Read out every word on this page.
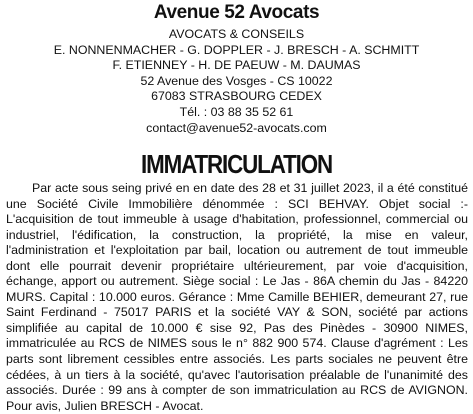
Avenue 52 Avocats
AVOCATS & CONSEILS
E. NONNENMACHER - G. DOPPLER - J. BRESCH - A. SCHMITT
F. ETIENNEY - H. DE PAEUW - M. DAUMAS
52 Avenue des Vosges - CS 10022
67083 STRASBOURG CEDEX
Tél. : 03 88 35 52 61
contact@avenue52-avocats.com
IMMATRICULATION
Par acte sous seing privé en en date des 28 et 31 juillet 2023, il a été constitué une Société Civile Immobilière dénommée : SCI BEHVAY. Objet social :- L'acquisition de tout immeuble à usage d'habitation, professionnel, commercial ou industriel, l'édification, la construction, la propriété, la mise en valeur, l'administration et l'exploitation par bail, location ou autrement de tout immeuble dont elle pourrait devenir propriétaire ultérieurement, par voie d'acquisition, échange, apport ou autrement. Siège social : Le Jas - 86A chemin du Jas - 84220 MURS. Capital : 10.000 euros. Gérance : Mme Camille BEHIER, demeurant 27, rue Saint Ferdinand - 75017 PARIS et la société VAY & SON, société par actions simplifiée au capital de 10.000 € sise 92, Pas des Pinèdes - 30900 NIMES, immatriculée au RCS de NIMES sous le n° 882 900 574. Clause d'agrément : Les parts sont librement cessibles entre associés. Les parts sociales ne peuvent être cédées, à un tiers à la société, qu'avec l'autorisation préalable de l'unanimité des associés. Durée : 99 ans à compter de son immatriculation au RCS de AVIGNON. Pour avis, Julien BRESCH - Avocat.
